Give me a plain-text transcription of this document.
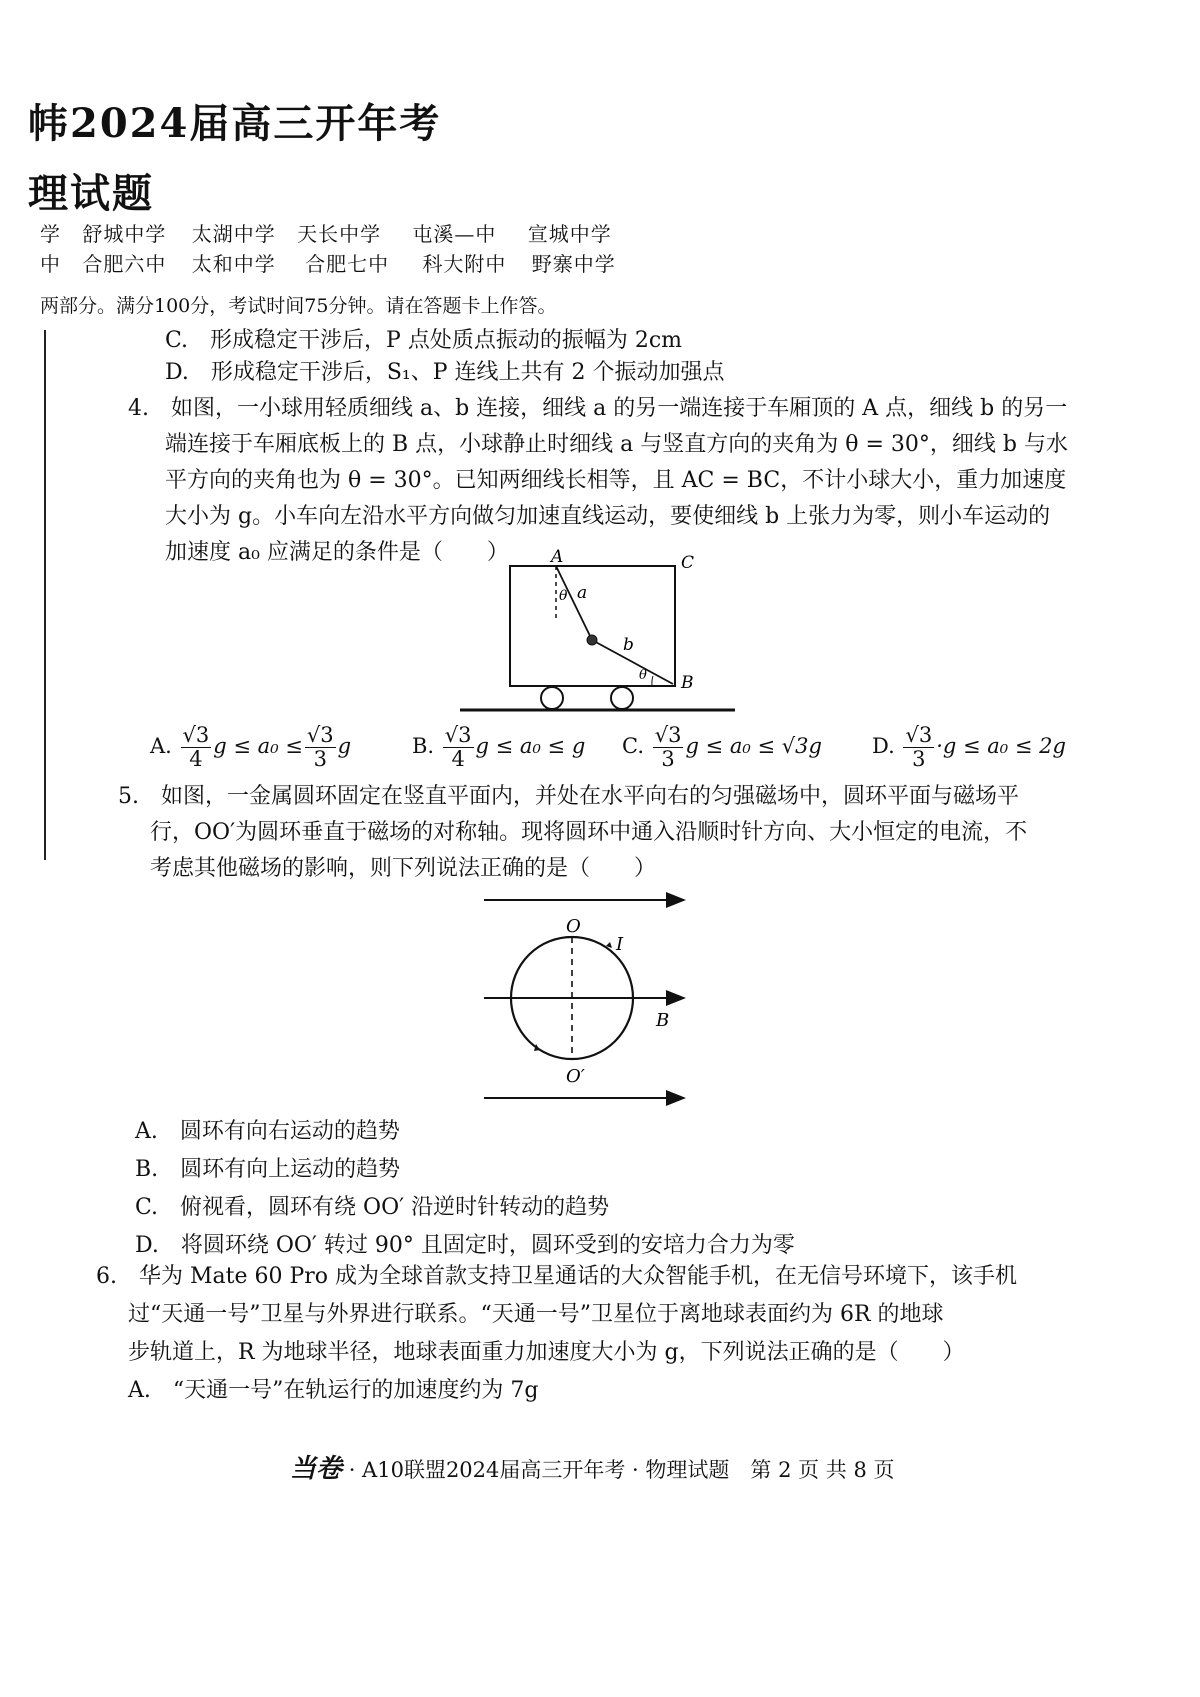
帏2024届高三开年考
理试题
学 舒城中学 太湖中学 天长中学 屯溪—中 宣城中学
中 合肥六中 太和中学 合肥七中 科大附中 野寨中学
两部分。满分100分，考试时间75分钟。请在答题卡上作答。
C.　形成稳定干涉后，P 点处质点振动的振幅为 2cm
D.　形成稳定干涉后，S₁、P 连线上共有 2 个振动加强点
4.　如图，一小球用轻质细线 a、b 连接，细线 a 的另一端连接于车厢顶的 A 点，细线 b 的另一
端连接于车厢底板上的 B 点，小球静止时细线 a 与竖直方向的夹角为 θ = 30°，细线 b 与水
平方向的夹角也为 θ = 30°。已知两细线长相等，且 AC = BC，不计小球大小，重力加速度
大小为 g。小车向左沿水平方向做匀加速直线运动，要使细线 b 上张力为零，则小车运动的
加速度 a₀ 应满足的条件是（　　） A	C
B
θ a
b
θ
A. $\frac{√3}{4}$ $g \le a_0 \le \frac{√3}{3}$ g	B. $\frac{√3}{4}$ g ≤ a₀ ≤ g C. $\frac{√3}{3}$ g ≤ a₀ ≤ √3g D. $\frac{√3}{3} \cdot g \le a_0 \le 2g$
5.　如图，一金属圆环固定在竖直平面内，并处在水平向右的匀强磁场中，圆环平面与磁场平
行，OO′为圆环垂直于磁场的对称轴。现将圆环中通入沿顺时针方向、大小恒定的电流，不
考虑其他磁场的影响，则下列说法正确的是（　　）
O
O′
I
B
A.　圆环有向右运动的趋势
B.　圆环有向上运动的趋势
C.　俯视看，圆环有绕 OO′ 沿逆时针转动的趋势
D.　将圆环绕 OO′ 转过 90° 且固定时，圆环受到的安培力合力为零
6.　华为 Mate 60 Pro 成为全球首款支持卫星通话的大众智能手机，在无信号环境下，该手机
过“天通一号”卫星与外界进行联系。“天通一号”卫星位于离地球表面约为 6R 的地球
步轨道上，R 为地球半径，地球表面重力加速度大小为 g，下列说法正确的是（　　）
A.　“天通一号”在轨运行的加速度约为 7g
当卷 · A10联盟2024届高三开年考 · 物理试题　第 2 页 共 8 页
